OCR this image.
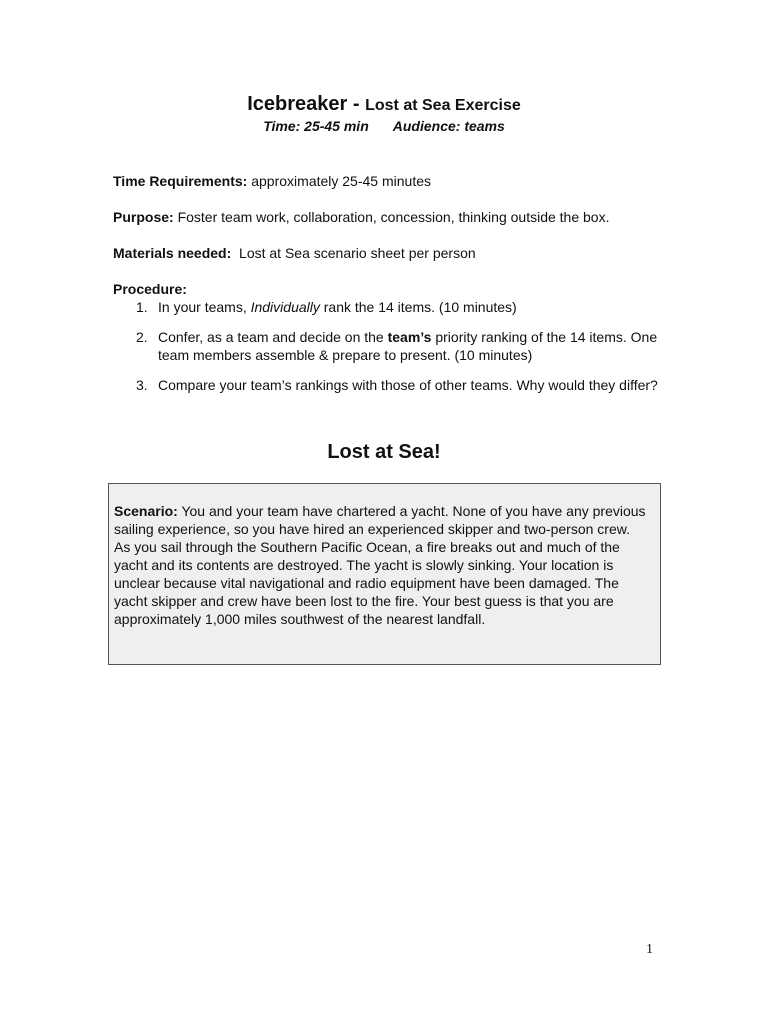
Icebreaker - Lost at Sea Exercise
Time: 25-45 min Audience: teams
Time Requirements: approximately 25-45 minutes
Purpose: Foster team work, collaboration, concession, thinking outside the box.
Materials needed:  Lost at Sea scenario sheet per person
Procedure:
1. In your teams, Individually rank the 14 items. (10 minutes)
2. Confer, as a team and decide on the team’s priority ranking of the 14 items. One team members assemble & prepare to present. (10 minutes)
3. Compare your team’s rankings with those of other teams. Why would they differ?
Lost at Sea!
Scenario: You and your team have chartered a yacht. None of you have any previous sailing experience, so you have hired an experienced skipper and two-person crew. As you sail through the Southern Pacific Ocean, a fire breaks out and much of the yacht and its contents are destroyed. The yacht is slowly sinking. Your location is unclear because vital navigational and radio equipment have been damaged. The yacht skipper and crew have been lost to the fire. Your best guess is that you are approximately 1,000 miles southwest of the nearest landfall.
1
